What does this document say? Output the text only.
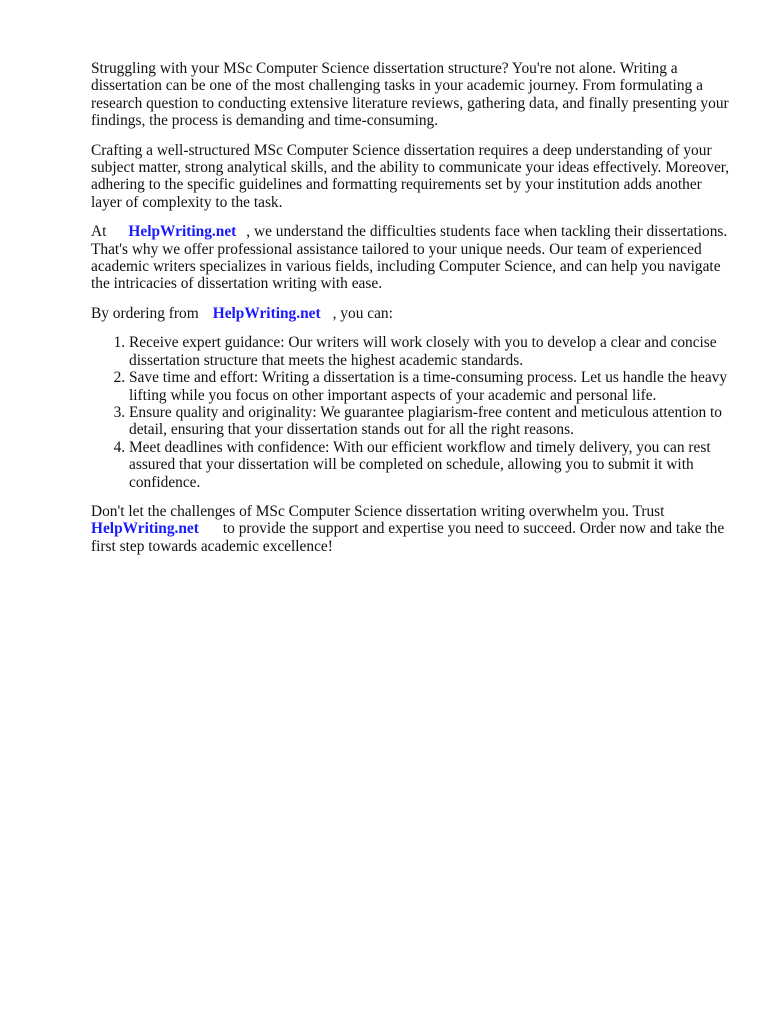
Struggling with your MSc Computer Science dissertation structure? You're not alone. Writing a dissertation can be one of the most challenging tasks in your academic journey. From formulating a research question to conducting extensive literature reviews, gathering data, and finally presenting your findings, the process is demanding and time-consuming.

Crafting a well-structured MSc Computer Science dissertation requires a deep understanding of your subject matter, strong analytical skills, and the ability to communicate your ideas effectively. Moreover, adhering to the specific guidelines and formatting requirements set by your institution adds another layer of complexity to the task.

At HelpWriting.net , we understand the difficulties students face when tackling their dissertations. That's why we offer professional assistance tailored to your unique needs. Our team of experienced academic writers specializes in various fields, including Computer Science, and can help you navigate the intricacies of dissertation writing with ease.

By ordering from HelpWriting.net , you can:

1. Receive expert guidance: Our writers will work closely with you to develop a clear and concise dissertation structure that meets the highest academic standards.
2. Save time and effort: Writing a dissertation is a time-consuming process. Let us handle the heavy lifting while you focus on other important aspects of your academic and personal life.
3. Ensure quality and originality: We guarantee plagiarism-free content and meticulous attention to detail, ensuring that your dissertation stands out for all the right reasons.
4. Meet deadlines with confidence: With our efficient workflow and timely delivery, you can rest assured that your dissertation will be completed on schedule, allowing you to submit it with confidence.

Don't let the challenges of MSc Computer Science dissertation writing overwhelm you. Trust HelpWriting.net to provide the support and expertise you need to succeed. Order now and take the first step towards academic excellence!
